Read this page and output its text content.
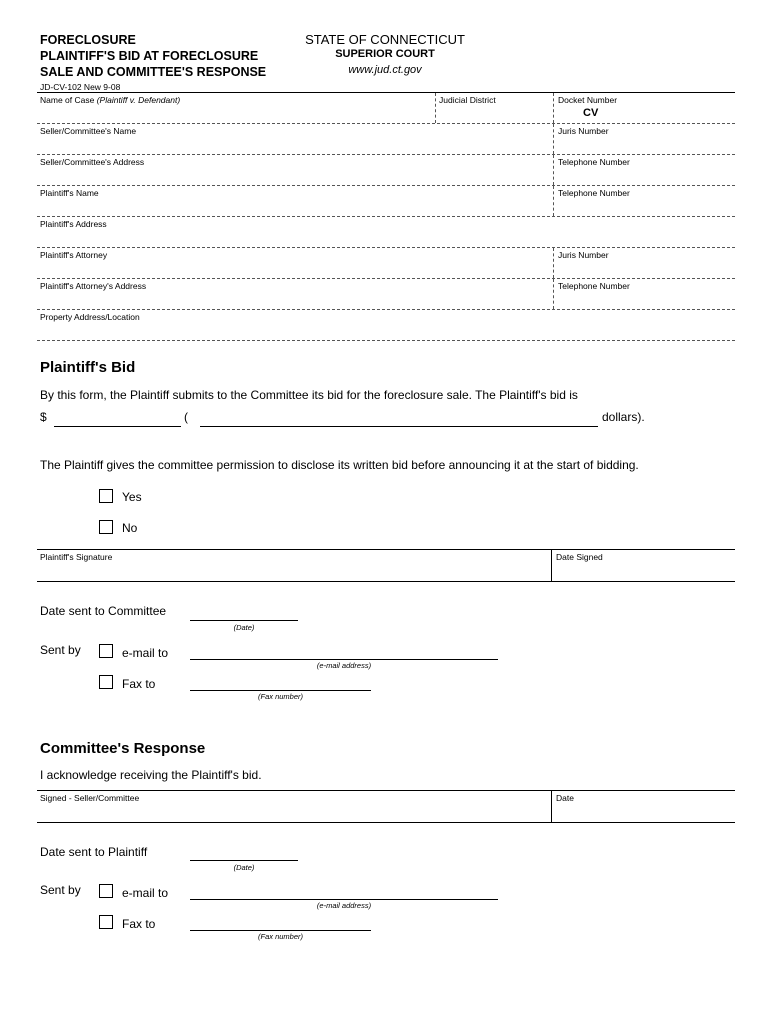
FORECLOSURE
PLAINTIFF'S BID AT FORECLOSURE
SALE AND COMMITTEE'S RESPONSE
JD-CV-102 New 9-08
STATE OF CONNECTICUT
SUPERIOR COURT
www.jud.ct.gov
Name of Case (Plaintiff v. Defendant)	Judicial District	Docket Number
CV
Seller/Committee's Name	Juris Number
Seller/Committee's Address	Telephone Number
Plaintiff's Name	Telephone Number
Plaintiff's Address
Plaintiff's Attorney	Juris Number
Plaintiff's Attorney's Address	Telephone Number
Property Address/Location
Plaintiff's Bid
By this form, the Plaintiff submits to the Committee its bid for the foreclosure sale. The Plaintiff's bid is
$	(	dollars).
The Plaintiff gives the committee permission to disclose its written bid before announcing it at the start of bidding.
Yes
No
Plaintiff's Signature	Date Signed
Date sent to Committee
(Date)
Sent by	e-mail to
(e-mail address)
Fax to
(Fax number)
Committee's Response
I acknowledge receiving the Plaintiff's bid.
Signed - Seller/Committee	Date
Date sent to Plaintiff
(Date)
Sent by	e-mail to
(e-mail address)
Fax to
(Fax number)
